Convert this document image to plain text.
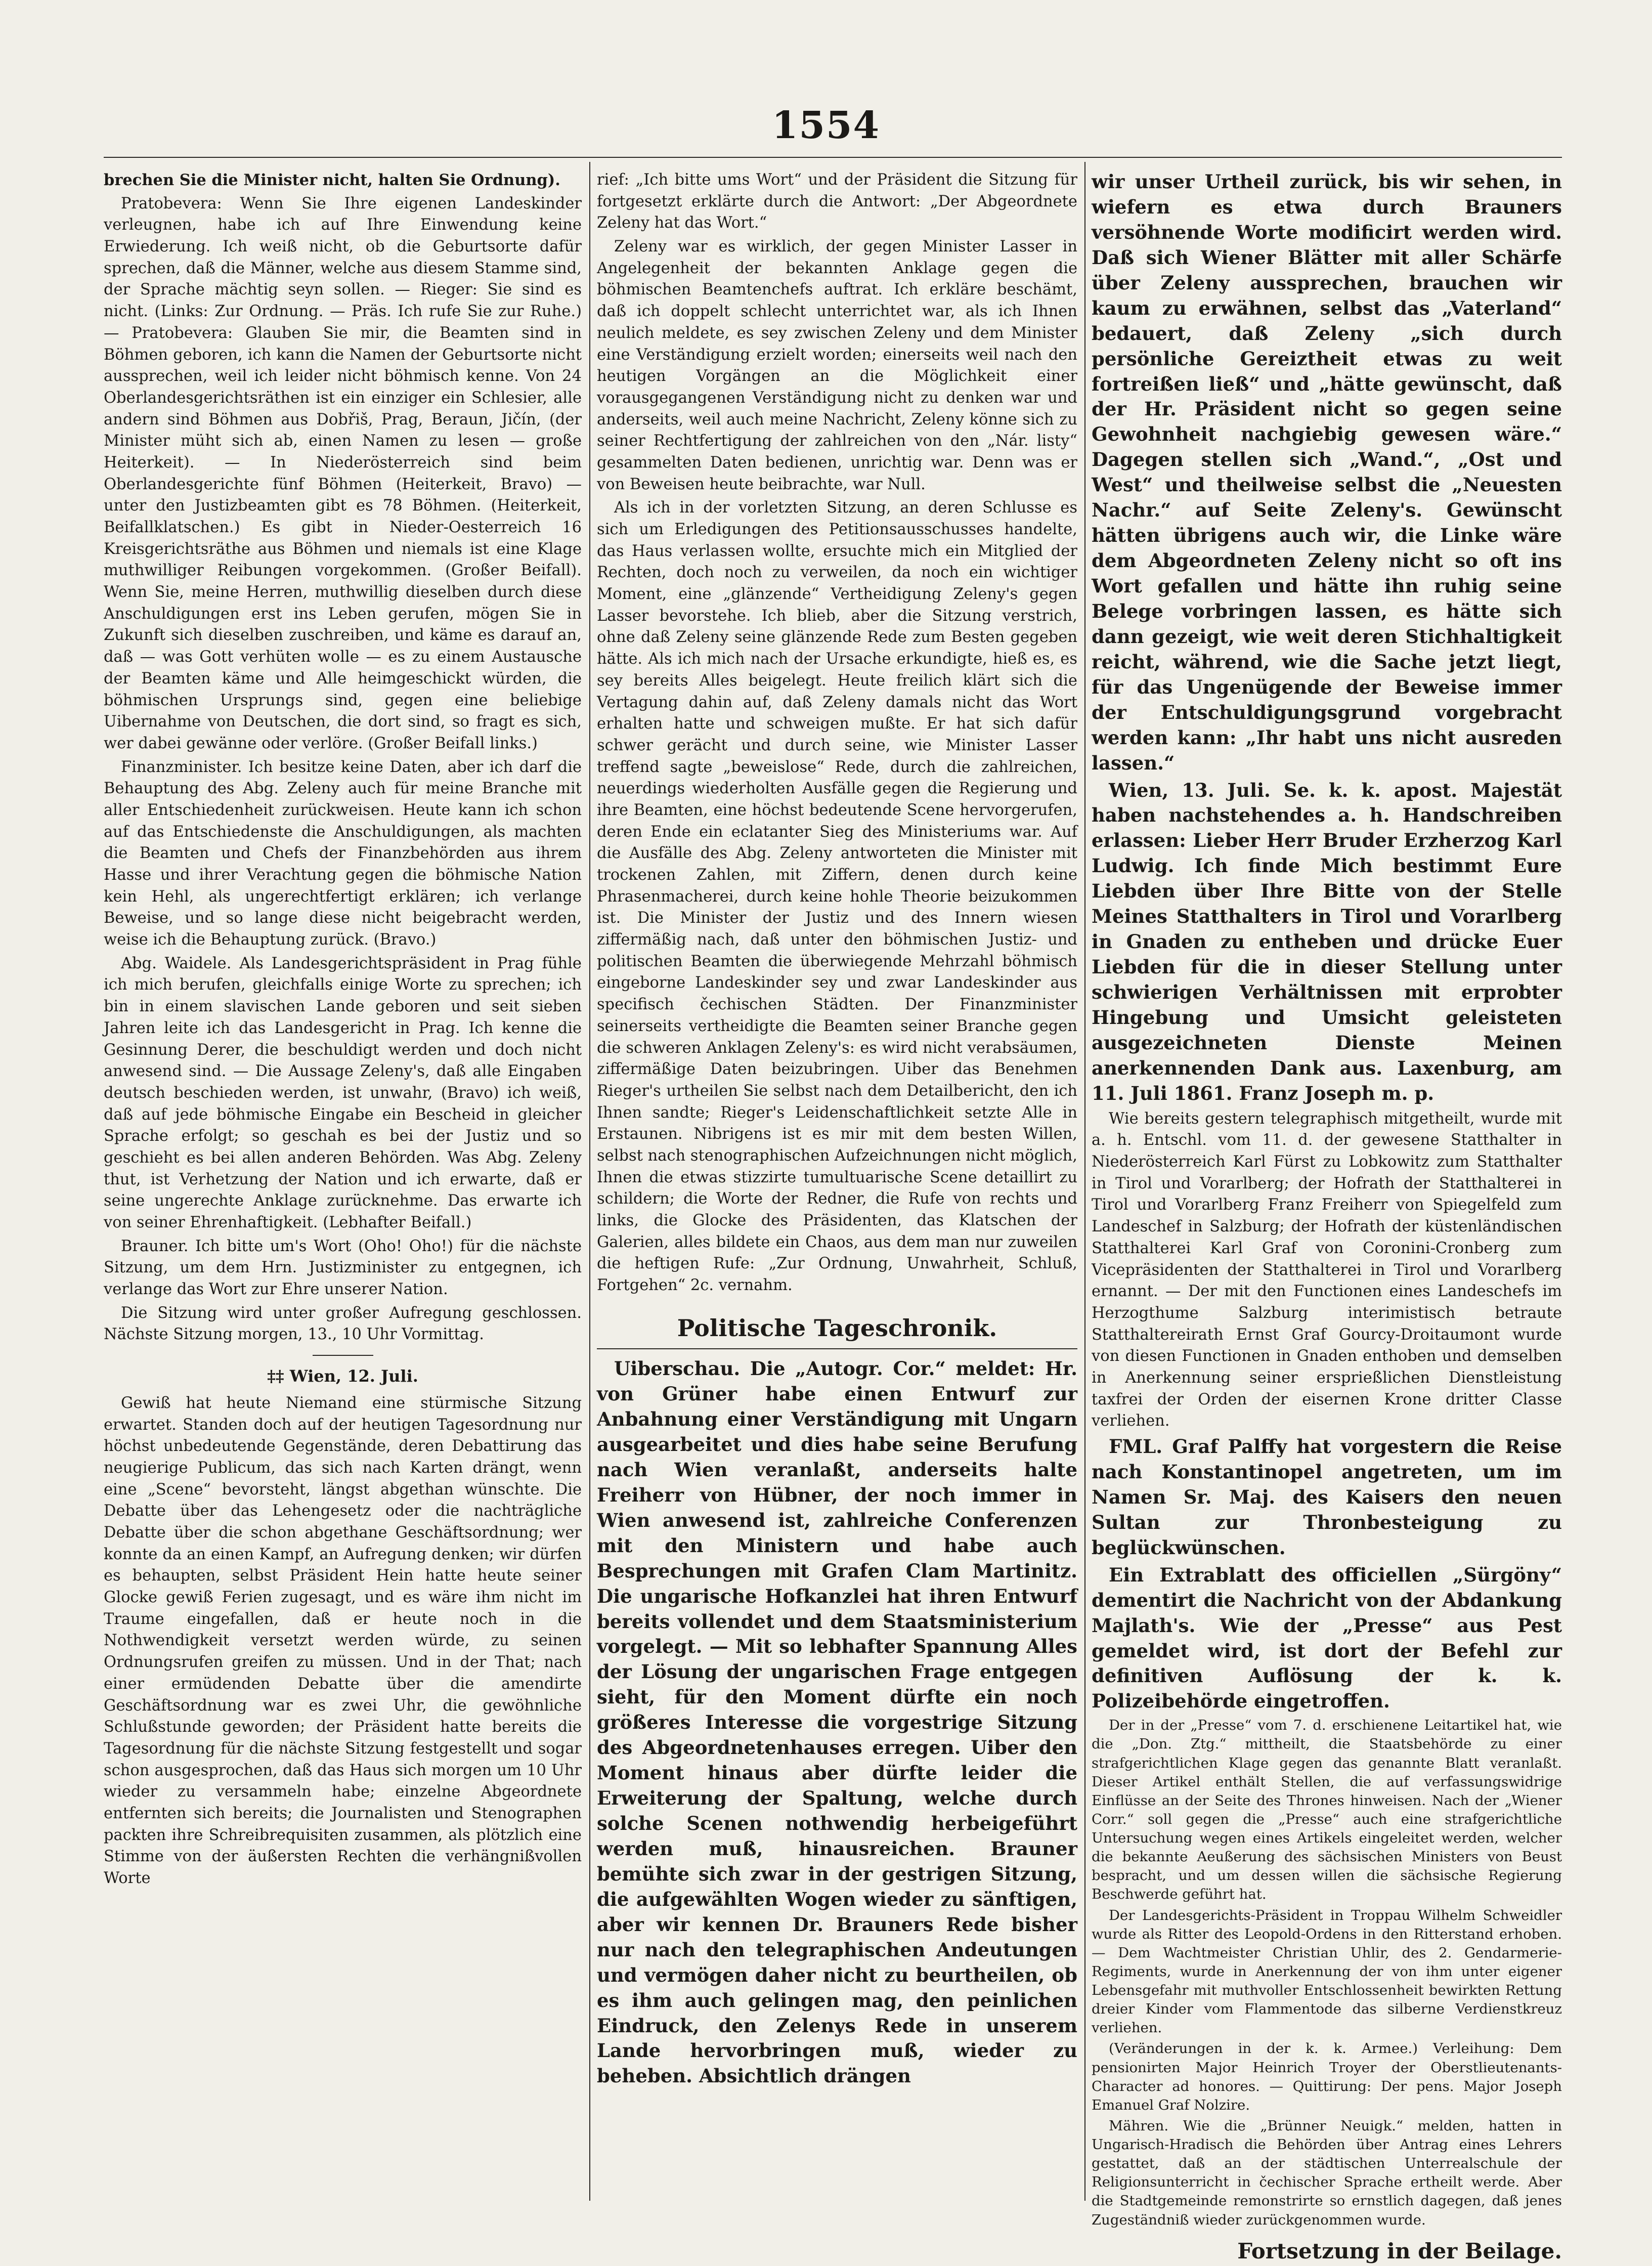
1554

brechen Sie die Minister nicht, halten Sie Ordnung).

Pratobevera: Wenn Sie Ihre eigenen Landeskinder verleugnen, habe ich auf Ihre Einwendung keine Erwiederung. Ich weiß nicht, ob die Geburtsorte dafür sprechen, daß die Männer, welche aus diesem Stamme sind, der Sprache mächtig seyn sollen. — Rieger: Sie sind es nicht. (Links: Zur Ordnung. — Präs. Ich rufe Sie zur Ruhe.) — Pratobevera: Glauben Sie mir, die Beamten sind in Böhmen geboren, ich kann die Namen der Geburtsorte nicht aussprechen, weil ich leider nicht böhmisch kenne. Von 24 Oberlandesgerichtsräthen ist ein einziger ein Schlesier, alle andern sind Böhmen aus Dobřiš, Prag, Beraun, Jičín, (der Minister müht sich ab, einen Namen zu lesen — große Heiterkeit). — In Niederösterreich sind beim Oberlandesgerichte fünf Böhmen (Heiterkeit, Bravo) — unter den Justizbeamten gibt es 78 Böhmen. (Heiterkeit, Beifallklatschen.) Es gibt in Nieder-Oesterreich 16 Kreisgerichtsräthe aus Böhmen und niemals ist eine Klage muthwilliger Reibungen vorgekommen. (Großer Beifall). Wenn Sie, meine Herren, muthwillig dieselben durch diese Anschuldigungen erst ins Leben gerufen, mögen Sie in Zukunft sich dieselben zuschreiben, und käme es darauf an, daß — was Gott verhüten wolle — es zu einem Austausche der Beamten käme und Alle heimgeschickt würden, die böhmischen Ursprungs sind, gegen eine beliebige Uibernahme von Deutschen, die dort sind, so fragt es sich, wer dabei gewänne oder verlöre. (Großer Beifall links.)

Finanzminister. Ich besitze keine Daten, aber ich darf die Behauptung des Abg. Zeleny auch für meine Branche mit aller Entschiedenheit zurückweisen. Heute kann ich schon auf das Entschiedenste die Anschuldigungen, als machten die Beamten und Chefs der Finanzbehörden aus ihrem Hasse und ihrer Verachtung gegen die böhmische Nation kein Hehl, als ungerechtfertigt erklären; ich verlange Beweise, und so lange diese nicht beigebracht werden, weise ich die Behauptung zurück. (Bravo.)

Abg. Waidele. Als Landesgerichtspräsident in Prag fühle ich mich berufen, gleichfalls einige Worte zu sprechen; ich bin in einem slavischen Lande geboren und seit sieben Jahren leite ich das Landesgericht in Prag. Ich kenne die Gesinnung Derer, die beschuldigt werden und doch nicht anwesend sind. — Die Aussage Zeleny's, daß alle Eingaben deutsch beschieden werden, ist unwahr, (Bravo) ich weiß, daß auf jede böhmische Eingabe ein Bescheid in gleicher Sprache erfolgt; so geschah es bei der Justiz und so geschieht es bei allen anderen Behörden. Was Abg. Zeleny thut, ist Verhetzung der Nation und ich erwarte, daß er seine ungerechte Anklage zurücknehme. Das erwarte ich von seiner Ehrenhaftigkeit. (Lebhafter Beifall.)

Brauner. Ich bitte um's Wort (Oho! Oho!) für die nächste Sitzung, um dem Hrn. Justizminister zu entgegnen, ich verlange das Wort zur Ehre unserer Nation.

Die Sitzung wird unter großer Aufregung geschlossen. Nächste Sitzung morgen, 13., 10 Uhr Vormittag.

‡‡ Wien, 12. Juli.

Gewiß hat heute Niemand eine stürmische Sitzung erwartet. Standen doch auf der heutigen Tagesordnung nur höchst unbedeutende Gegenstände, deren Debattirung das neugierige Publicum, das sich nach Karten drängt, wenn eine „Scene“ bevorsteht, längst abgethan wünschte. Die Debatte über das Lehengesetz oder die nachträgliche Debatte über die schon abgethane Geschäftsordnung; wer konnte da an einen Kampf, an Aufregung denken; wir dürfen es behaupten, selbst Präsident Hein hatte heute seiner Glocke gewiß Ferien zugesagt, und es wäre ihm nicht im Traume eingefallen, daß er heute noch in die Nothwendigkeit versetzt werden würde, zu seinen Ordnungsrufen greifen zu müssen. Und in der That; nach einer ermüdenden Debatte über die amendirte Geschäftsordnung war es zwei Uhr, die gewöhnliche Schlußstunde geworden; der Präsident hatte bereits die Tagesordnung für die nächste Sitzung festgestellt und sogar schon ausgesprochen, daß das Haus sich morgen um 10 Uhr wieder zu versammeln habe; einzelne Abgeordnete entfernten sich bereits; die Journalisten und Stenographen packten ihre Schreibrequisiten zusammen, als plötzlich eine Stimme von der äußersten Rechten die verhängnißvollen Worte

rief: „Ich bitte ums Wort“ und der Präsident die Sitzung für fortgesetzt erklärte durch die Antwort: „Der Abgeordnete Zeleny hat das Wort.“

Zeleny war es wirklich, der gegen Minister Lasser in Angelegenheit der bekannten Anklage gegen die böhmischen Beamtenchefs auftrat. Ich erkläre beschämt, daß ich doppelt schlecht unterrichtet war, als ich Ihnen neulich meldete, es sey zwischen Zeleny und dem Minister eine Verständigung erzielt worden; einerseits weil nach den heutigen Vorgängen an die Möglichkeit einer vorausgegangenen Verständigung nicht zu denken war und anderseits, weil auch meine Nachricht, Zeleny könne sich zu seiner Rechtfertigung der zahlreichen von den „Nár. listy“ gesammelten Daten bedienen, unrichtig war. Denn was er von Beweisen heute beibrachte, war Null.

Als ich in der vorletzten Sitzung, an deren Schlusse es sich um Erledigungen des Petitionsausschusses handelte, das Haus verlassen wollte, ersuchte mich ein Mitglied der Rechten, doch noch zu verweilen, da noch ein wichtiger Moment, eine „glänzende“ Vertheidigung Zeleny's gegen Lasser bevorstehe. Ich blieb, aber die Sitzung verstrich, ohne daß Zeleny seine glänzende Rede zum Besten gegeben hätte. Als ich mich nach der Ursache erkundigte, hieß es, es sey bereits Alles beigelegt. Heute freilich klärt sich die Vertagung dahin auf, daß Zeleny damals nicht das Wort erhalten hatte und schweigen mußte. Er hat sich dafür schwer gerächt und durch seine, wie Minister Lasser treffend sagte „beweislose“ Rede, durch die zahlreichen, neuerdings wiederholten Ausfälle gegen die Regierung und ihre Beamten, eine höchst bedeutende Scene hervorgerufen, deren Ende ein eclatanter Sieg des Ministeriums war. Auf die Ausfälle des Abg. Zeleny antworteten die Minister mit trockenen Zahlen, mit Ziffern, denen durch keine Phrasenmacherei, durch keine hohle Theorie beizukommen ist. Die Minister der Justiz und des Innern wiesen ziffermäßig nach, daß unter den böhmischen Justiz- und politischen Beamten die überwiegende Mehrzahl böhmisch eingeborne Landeskinder sey und zwar Landeskinder aus specifisch čechischen Städten. Der Finanzminister seinerseits vertheidigte die Beamten seiner Branche gegen die schweren Anklagen Zeleny's: es wird nicht verabsäumen, ziffermäßige Daten beizubringen. Uiber das Benehmen Rieger's urtheilen Sie selbst nach dem Detailbericht, den ich Ihnen sandte; Rieger's Leidenschaftlichkeit setzte Alle in Erstaunen. Nibrigens ist es mir mit dem besten Willen, selbst nach stenographischen Aufzeichnungen nicht möglich, Ihnen die etwas stizzirte tumultuarische Scene detaillirt zu schildern; die Worte der Redner, die Rufe von rechts und links, die Glocke des Präsidenten, das Klatschen der Galerien, alles bildete ein Chaos, aus dem man nur zuweilen die heftigen Rufe: „Zur Ordnung, Unwahrheit, Schluß, Fortgehen“ 2c. vernahm.

Politische Tageschronik.

Uiberschau. Die „Autogr. Cor.“ meldet: Hr. von Grüner habe einen Entwurf zur Anbahnung einer Verständigung mit Ungarn ausgearbeitet und dies habe seine Berufung nach Wien veranlaßt, anderseits halte Freiherr von Hübner, der noch immer in Wien anwesend ist, zahlreiche Conferenzen mit den Ministern und habe auch Besprechungen mit Grafen Clam Martinitz. Die ungarische Hofkanzlei hat ihren Entwurf bereits vollendet und dem Staatsministerium vorgelegt. — Mit so lebhafter Spannung Alles der Lösung der ungarischen Frage entgegen sieht, für den Moment dürfte ein noch größeres Interesse die vorgestrige Sitzung des Abgeordnetenhauses erregen. Uiber den Moment hinaus aber dürfte leider die Erweiterung der Spaltung, welche durch solche Scenen nothwendig herbeigeführt werden muß, hinausreichen. Brauner bemühte sich zwar in der gestrigen Sitzung, die aufgewählten Wogen wieder zu sänftigen, aber wir kennen Dr. Brauners Rede bisher nur nach den telegraphischen Andeutungen und vermögen daher nicht zu beurtheilen, ob es ihm auch gelingen mag, den peinlichen Eindruck, den Zelenys Rede in unserem Lande hervorbringen muß, wieder zu beheben. Absichtlich drängen

wir unser Urtheil zurück, bis wir sehen, in wiefern es etwa durch Brauners versöhnende Worte modificirt werden wird. Daß sich Wiener Blätter mit aller Schärfe über Zeleny aussprechen, brauchen wir kaum zu erwähnen, selbst das „Vaterland“ bedauert, daß Zeleny „sich durch persönliche Gereiztheit etwas zu weit fortreißen ließ“ und „hätte gewünscht, daß der Hr. Präsident nicht so gegen seine Gewohnheit nachgiebig gewesen wäre.“ Dagegen stellen sich „Wand.“, „Ost und West“ und theilweise selbst die „Neuesten Nachr.“ auf Seite Zeleny's. Gewünscht hätten übrigens auch wir, die Linke wäre dem Abgeordneten Zeleny nicht so oft ins Wort gefallen und hätte ihn ruhig seine Belege vorbringen lassen, es hätte sich dann gezeigt, wie weit deren Stichhaltigkeit reicht, während, wie die Sache jetzt liegt, für das Ungenügende der Beweise immer der Entschuldigungsgrund vorgebracht werden kann: „Ihr habt uns nicht ausreden lassen.“

Wien, 13. Juli. Se. k. k. apost. Majestät haben nachstehendes a. h. Handschreiben erlassen: Lieber Herr Bruder Erzherzog Karl Ludwig. Ich finde Mich bestimmt Eure Liebden über Ihre Bitte von der Stelle Meines Statthalters in Tirol und Vorarlberg in Gnaden zu entheben und drücke Euer Liebden für die in dieser Stellung unter schwierigen Verhältnissen mit erprobter Hingebung und Umsicht geleisteten ausgezeichneten Dienste Meinen anerkennenden Dank aus. Laxenburg, am 11. Juli 1861. Franz Joseph m. p.

Wie bereits gestern telegraphisch mitgetheilt, wurde mit a. h. Entschl. vom 11. d. der gewesene Statthalter in Niederösterreich Karl Fürst zu Lobkowitz zum Statthalter in Tirol und Vorarlberg; der Hofrath der Statthalterei in Tirol und Vorarlberg Franz Freiherr von Spiegelfeld zum Landeschef in Salzburg; der Hofrath der küstenländischen Statthalterei Karl Graf von Coronini-Cronberg zum Vicepräsidenten der Statthalterei in Tirol und Vorarlberg ernannt. — Der mit den Functionen eines Landeschefs im Herzogthume Salzburg interimistisch betraute Statthaltereirath Ernst Graf Gourcy-Droitaumont wurde von diesen Functionen in Gnaden enthoben und demselben in Anerkennung seiner ersprießlichen Dienstleistung taxfrei der Orden der eisernen Krone dritter Classe verliehen.

FML. Graf Palffy hat vorgestern die Reise nach Konstantinopel angetreten, um im Namen Sr. Maj. des Kaisers den neuen Sultan zur Thronbesteigung zu beglückwünschen.

Ein Extrablatt des officiellen „Sürgöny“ dementirt die Nachricht von der Abdankung Majlath's. Wie der „Presse“ aus Pest gemeldet wird, ist dort der Befehl zur definitiven Auflösung der k. k. Polizeibehörde eingetroffen.

Der in der „Presse“ vom 7. d. erschienene Leitartikel hat, wie die „Don. Ztg.“ mittheilt, die Staatsbehörde zu einer strafgerichtlichen Klage gegen das genannte Blatt veranlaßt. Dieser Artikel enthält Stellen, die auf verfassungswidrige Einflüsse an der Seite des Thrones hinweisen. Nach der „Wiener Corr.“ soll gegen die „Presse“ auch eine strafgerichtliche Untersuchung wegen eines Artikels eingeleitet werden, welcher die bekannte Aeußerung des sächsischen Ministers von Beust bespracht, und um dessen willen die sächsische Regierung Beschwerde geführt hat.

Der Landesgerichts-Präsident in Troppau Wilhelm Schweidler wurde als Ritter des Leopold-Ordens in den Ritterstand erhoben. — Dem Wachtmeister Christian Uhlir, des 2. Gendarmerie-Regiments, wurde in Anerkennung der von ihm unter eigener Lebensgefahr mit muthvoller Entschlossenheit bewirkten Rettung dreier Kinder vom Flammentode das silberne Verdienstkreuz verliehen.

(Veränderungen in der k. k. Armee.) Verleihung: Dem pensionirten Major Heinrich Troyer der Oberstlieutenants-Character ad honores. — Quittirung: Der pens. Major Joseph Emanuel Graf Nolzire.

Mähren. Wie die „Brünner Neuigk.“ melden, hatten in Ungarisch-Hradisch die Behörden über Antrag eines Lehrers gestattet, daß an der städtischen Unterrealschule der Religionsunterricht in čechischer Sprache ertheilt werde. Aber die Stadtgemeinde remonstrirte so ernstlich dagegen, daß jenes Zugeständniß wieder zurückgenommen wurde.

Fortsetzung in der Beilage.
